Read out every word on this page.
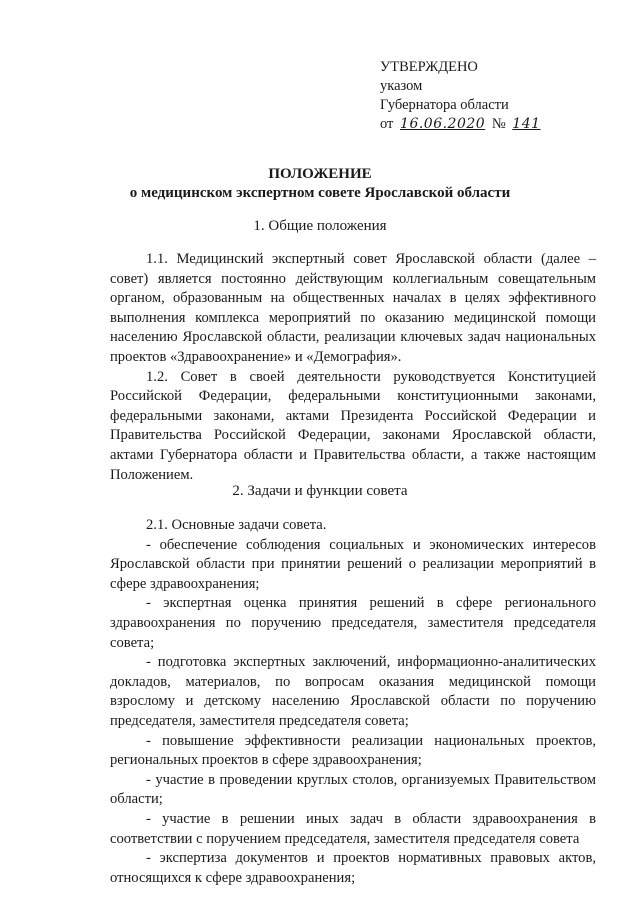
УТВЕРЖДЕНО
указом
Губернатора области
от 16.06.2020 № 141
ПОЛОЖЕНИЕ
о медицинском экспертном совете Ярославской области
1. Общие положения

1.1. Медицинский экспертный совет Ярославской области (далее – совет) является постоянно действующим коллегиальным совещательным органом, образованным на общественных началах в целях эффективного выполнения комплекса мероприятий по оказанию медицинской помощи населению Ярославской области, реализации ключевых задач национальных проектов «Здравоохранение» и «Демография».

1.2. Совет в своей деятельности руководствуется Конституцией Российской Федерации, федеральными конституционными законами, федеральными законами, актами Президента Российской Федерации и Правительства Российской Федерации, законами Ярославской области, актами Губернатора области и Правительства области, а также настоящим Положением.

2. Задачи и функции совета

2.1. Основные задачи совета.

- обеспечение соблюдения социальных и экономических интересов Ярославской области при принятии решений о реализации мероприятий в сфере здравоохранения;

- экспертная оценка принятия решений в сфере регионального здравоохранения по поручению председателя, заместителя председателя совета;

- подготовка экспертных заключений, информационно-аналитических докладов, материалов, по вопросам оказания медицинской помощи взрослому и детскому населению Ярославской области по поручению председателя, заместителя председателя совета;

- повышение эффективности реализации национальных проектов, региональных проектов в сфере здравоохранения;

- участие в проведении круглых столов, организуемых Правительством области;

- участие в решении иных задач в области здравоохранения в соответствии с поручением председателя, заместителя председателя совета

- экспертиза документов и проектов нормативных правовых актов, относящихся к сфере здравоохранения;
